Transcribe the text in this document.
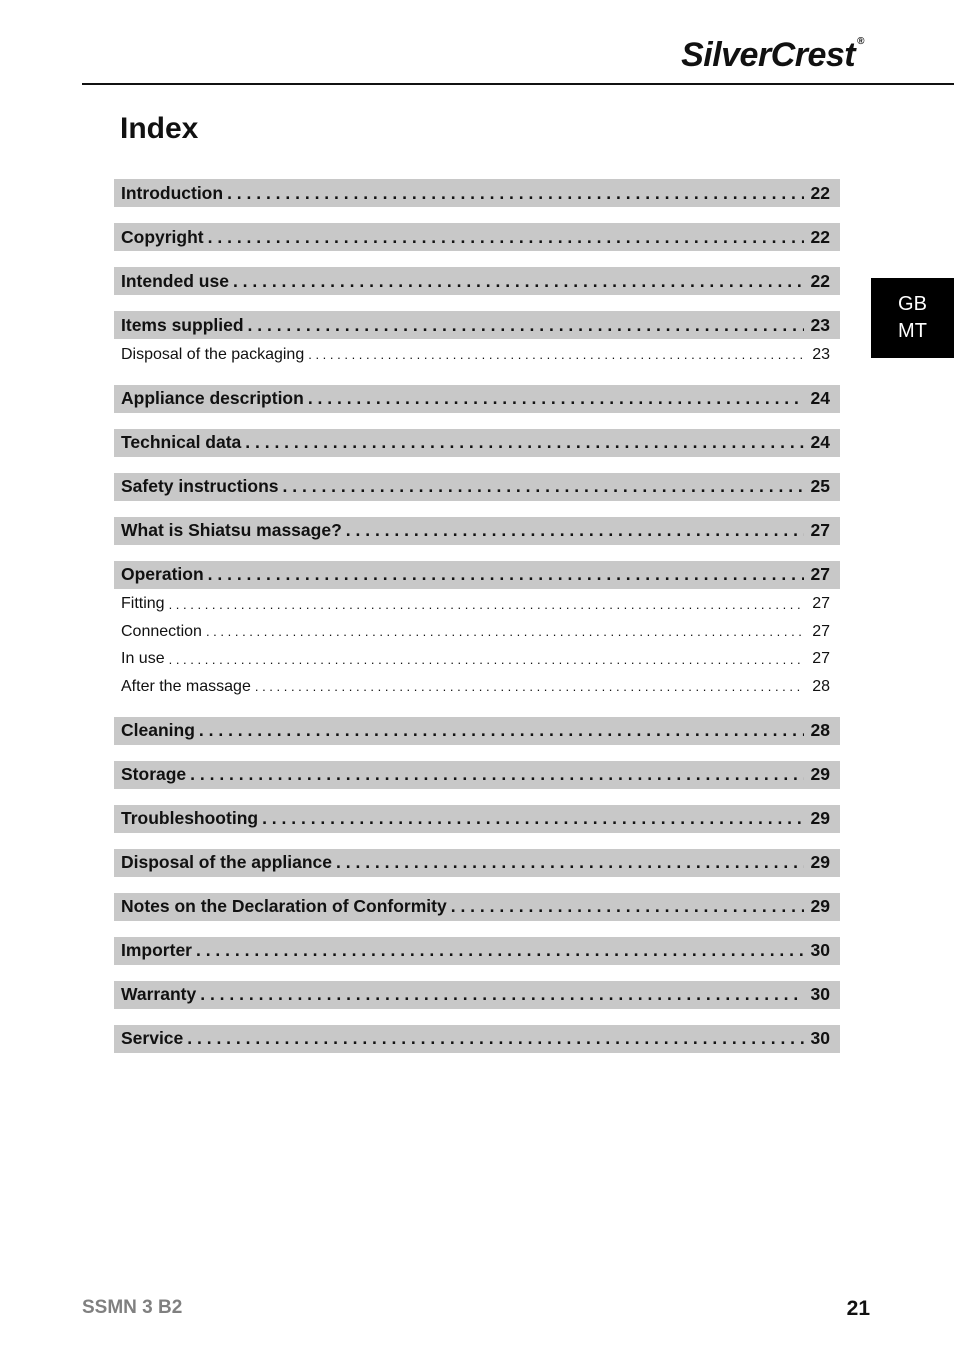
SilverCrest ®
Index
GB
MT
Introduction . . .	22
Copyright . . .	22
Intended use . . .	22
Items supplied . . .	23
Disposal of the packaging . . .	23
Appliance description . . .	24
Technical data . . .	24
Safety instructions . . .	25
What is Shiatsu massage? . . .	27
Operation . . .	27
Fitting . . .	27
Connection . . .	27
In use . . .	27
After the massage . . .	28
Cleaning . . .	28
Storage . . .	29
Troubleshooting . . .	29
Disposal of the appliance . . .	29
Notes on the Declaration of Conformity . . .	29
Importer . . .	30
Warranty . . .	30
Service . . .	30
SSMN 3 B2	21
